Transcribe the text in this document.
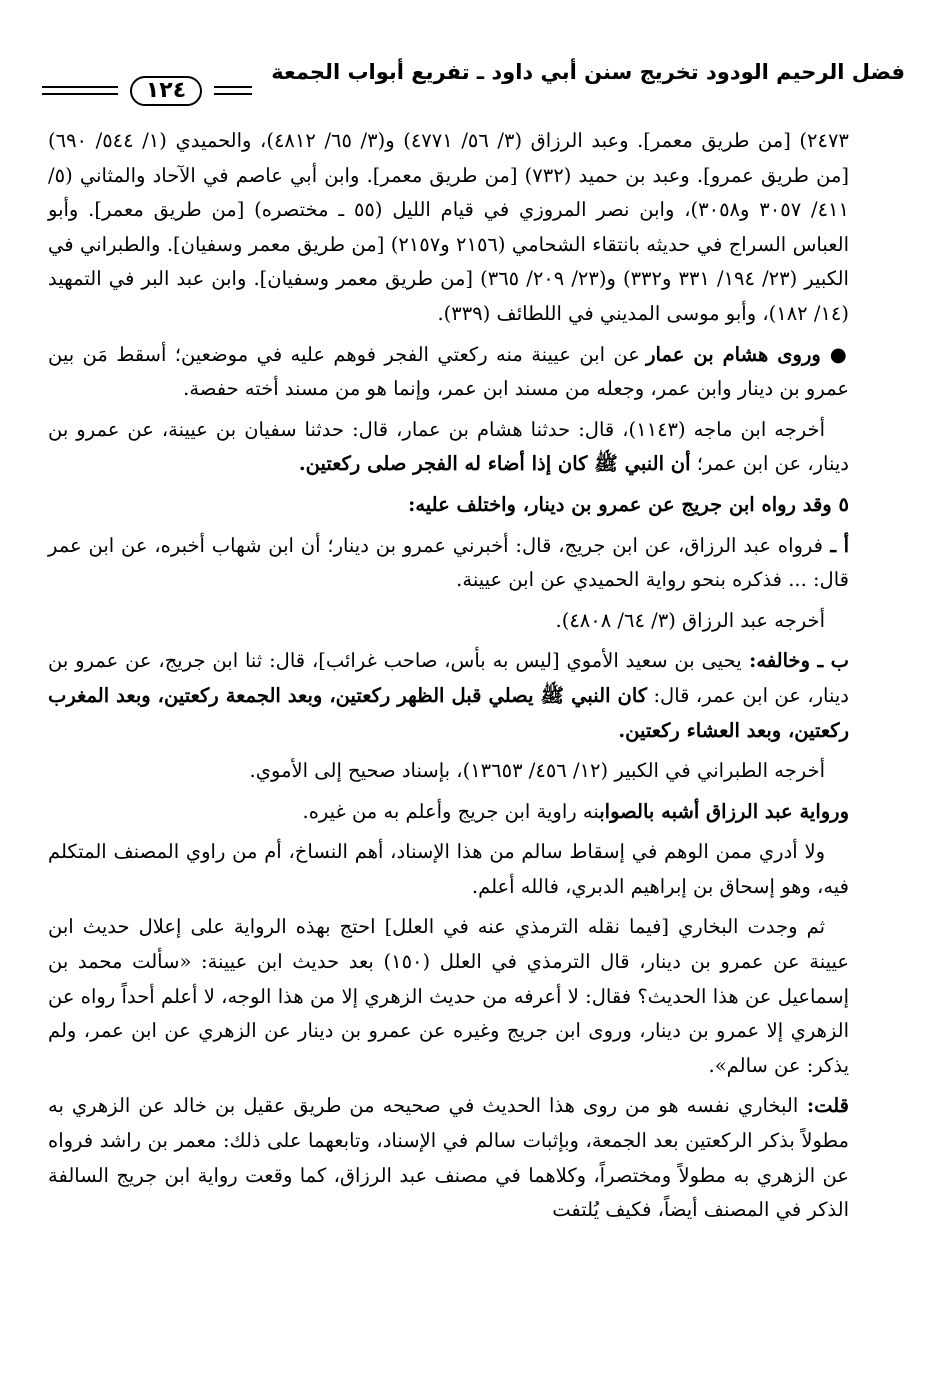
فضل الرحيم الودود تخريج سنن أبي داود ـ تفريع أبواب الجمعة
١٢٤

٢٤٧٣) [من طريق معمر]. وعبد الرزاق (٣/ ٥٦/ ٤٧٧١) و(٣/ ٦٥/ ٤٨١٢)، والحميدي (١/ ٥٤٤/ ٦٩٠) [من طريق عمرو]. وعبد بن حميد (٧٣٢) [من طريق معمر]. وابن أبي عاصم في الآحاد والمثاني (٥/ ٤١١/ ٣٠٥٧ و٣٠٥٨)، وابن نصر المروزي في قيام الليل (٥٥ ـ مختصره) [من طريق معمر]. وأبو العباس السراج في حديثه بانتقاء الشحامي (٢١٥٦ و٢١٥٧) [من طريق معمر وسفيان]. والطبراني في الكبير (٢٣/ ١٩٤/ ٣٣١ و٣٣٢) و(٢٣/ ٢٠٩/ ٣٦٥) [من طريق معمر وسفيان]. وابن عبد البر في التمهيد (١٤/ ١٨٢)، وأبو موسى المديني في اللطائف (٣٣٩).

● وروى هشام بن عمار عن ابن عيينة منه ركعتي الفجر فوهم عليه في موضعين؛ أسقط مَن بين عمرو بن دينار وابن عمر، وجعله من مسند ابن عمر، وإنما هو من مسند أخته حفصة.

أخرجه ابن ماجه (١١٤٣)، قال: حدثنا هشام بن عمار، قال: حدثنا سفيان بن عيينة، عن عمرو بن دينار، عن ابن عمر؛ أن النبي ﷺ كان إذا أضاء له الفجر صلى ركعتين.

٥ وقد رواه ابن جريج عن عمرو بن دينار، واختلف عليه:

أ ـ فرواه عبد الرزاق، عن ابن جريج، قال: أخبرني عمرو بن دينار؛ أن ابن شهاب أخبره، عن ابن عمر قال: ... فذكره بنحو رواية الحميدي عن ابن عيينة.

أخرجه عبد الرزاق (٣/ ٦٤/ ٤٨٠٨).

ب ـ وخالفه: يحيى بن سعيد الأموي [ليس به بأس، صاحب غرائب]، قال: ثنا ابن جريج، عن عمرو بن دينار، عن ابن عمر، قال: كان النبي ﷺ يصلي قبل الظهر ركعتين، وبعد الجمعة ركعتين، وبعد المغرب ركعتين، وبعد العشاء ركعتين.

أخرجه الطبراني في الكبير (١٢/ ٤٥٦/ ١٣٦٥٣)، بإسناد صحيح إلى الأموي.

ورواية عبد الرزاق أشبه بالصوابنه راوية ابن جريج وأعلم به من غيره.

ولا أدري ممن الوهم في إسقاط سالم من هذا الإسناد، أهم النساخ، أم من راوي المصنف المتكلم فيه، وهو إسحاق بن إبراهيم الدبري، فالله أعلم.

ثم وجدت البخاري [فيما نقله الترمذي عنه في العلل] احتج بهذه الرواية على إعلال حديث ابن عيينة عن عمرو بن دينار، قال الترمذي في العلل (١٥٠) بعد حديث ابن عيينة: «سألت محمد بن إسماعيل عن هذا الحديث؟ فقال: لا أعرفه من حديث الزهري إلا من هذا الوجه، لا أعلم أحداً رواه عن الزهري إلا عمرو بن دينار، وروى ابن جريج وغيره عن عمرو بن دينار عن الزهري عن ابن عمر، ولم يذكر: عن سالم».

قلت: البخاري نفسه هو من روى هذا الحديث في صحيحه من طريق عقيل بن خالد عن الزهري به مطولاً بذكر الركعتين بعد الجمعة، وبإثبات سالم في الإسناد، وتابعهما على ذلك: معمر بن راشد فرواه عن الزهري به مطولاً ومختصراً، وكلاهما في مصنف عبد الرزاق، كما وقعت رواية ابن جريج السالفة الذكر في المصنف أيضاً، فكيف يُلتفت
